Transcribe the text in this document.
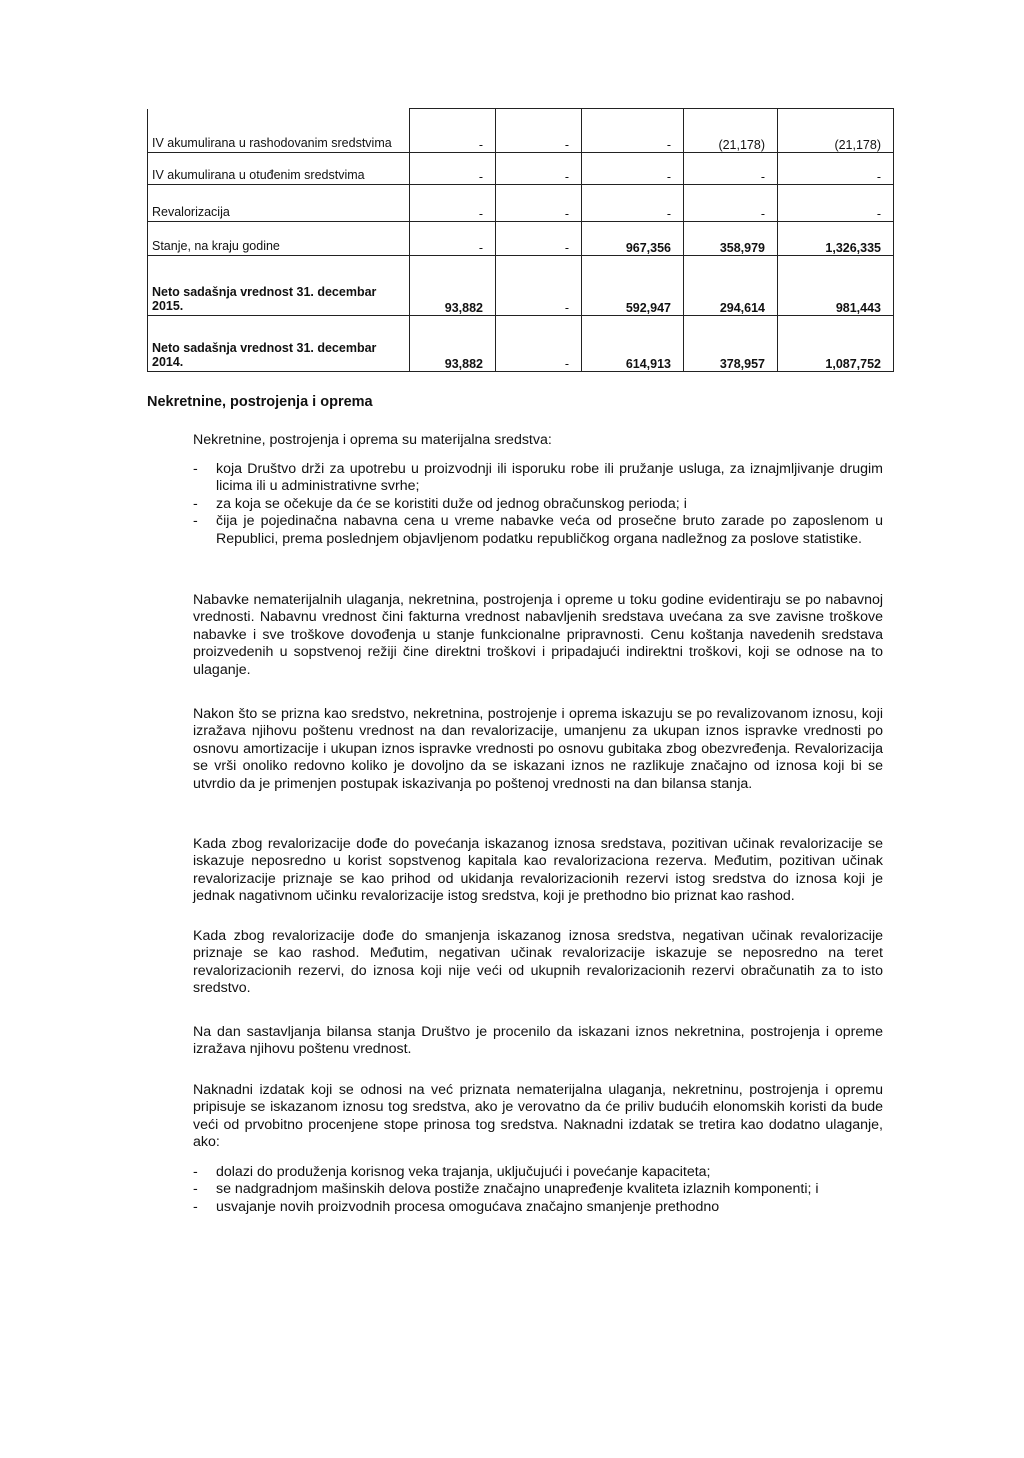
IV akumulirana u rashodovanim sredstvima	-	-	-	(21,178)	(21,178)
IV akumulirana u otuđenim sredstvima	-	-	-	-	-
Revalorizacija	-	-	-	-	-
Stanje, na kraju godine	-	-	967,356	358,979	1,326,335
Neto sadašnja vrednost 31. decembar 2015.	93,882	-	592,947	294,614	981,443
Neto sadašnja vrednost 31. decembar 2014.	93,882	-	614,913	378,957	1,087,752
Nekretnine, postrojenja i oprema

Nekretnine, postrojenja i oprema su materijalna sredstva:

- koja Društvo drži za upotrebu u proizvodnji ili isporuku robe ili pružanje usluga, za iznajmljivanje drugim licima ili u administrativne svrhe;
- za koja se očekuje da će se koristiti duže od jednog obračunskog perioda; i
- čija je pojedinačna nabavna cena u vreme nabavke veća od prosečne bruto zarade po zaposlenom u Republici, prema poslednjem objavljenom podatku republičkog organa nadležnog za poslove statistike.

Nabavke nematerijalnih ulaganja, nekretnina, postrojenja i opreme u toku godine evidentiraju se po nabavnoj vrednosti. Nabavnu vrednost čini fakturna vrednost nabavljenih sredstava uvećana za sve zavisne troškove nabavke i sve troškove dovođenja u stanje funkcionalne pripravnosti. Cenu koštanja navedenih sredstava proizvedenih u sopstvenoj režiji čine direktni troškovi i pripadajući indirektni troškovi, koji se odnose na to ulaganje.

Nakon što se prizna kao sredstvo, nekretnina, postrojenje i oprema iskazuju se po revalizovanom iznosu, koji izražava njihovu poštenu vrednost na dan revalorizacije, umanjenu za ukupan iznos ispravke vrednosti po osnovu amortizacije i ukupan iznos ispravke vrednosti po osnovu gubitaka zbog obezvređenja. Revalorizacija se vrši onoliko redovno koliko je dovoljno da se iskazani iznos ne razlikuje značajno od iznosa koji bi se utvrdio da je primenjen postupak iskazivanja po poštenoj vrednosti na dan bilansa stanja.

Kada zbog revalorizacije dođe do povećanja iskazanog iznosa sredstava, pozitivan učinak revalorizacije se iskazuje neposredno u korist sopstvenog kapitala kao revalorizaciona rezerva. Međutim, pozitivan učinak revalorizacije priznaje se kao prihod od ukidanja revalorizacionih rezervi istog sredstva do iznosa koji je jednak nagativnom učinku revalorizacije istog sredstva, koji je prethodno bio priznat kao rashod.

Kada zbog revalorizacije dođe do smanjenja iskazanog iznosa sredstva, negativan učinak revalorizacije priznaje se kao rashod. Međutim, negativan učinak revalorizacije iskazuje se neposredno na teret revalorizacionih rezervi, do iznosa koji nije veći od ukupnih revalorizacionih rezervi obračunatih za to isto sredstvo.

Na dan sastavljanja bilansa stanja Društvo je procenilo da iskazani iznos nekretnina, postrojenja i opreme izražava njihovu poštenu vrednost.

Naknadni izdatak koji se odnosi na već priznata nematerijalna ulaganja, nekretninu, postrojenja i opremu pripisuje se iskazanom iznosu tog sredstva, ako je verovatno da će priliv budućih elonomskih koristi da bude veći od prvobitno procenjene stope prinosa tog sredstva. Naknadni izdatak se tretira kao dodatno ulaganje, ako:

- dolazi do produženja korisnog veka trajanja, uključujući i povećanje kapaciteta;
- se nadgradnjom mašinskih delova postiže značajno unapređenje kvaliteta izlaznih komponenti; i
- usvajanje novih proizvodnih procesa omogućava značajno smanjenje prethodno
